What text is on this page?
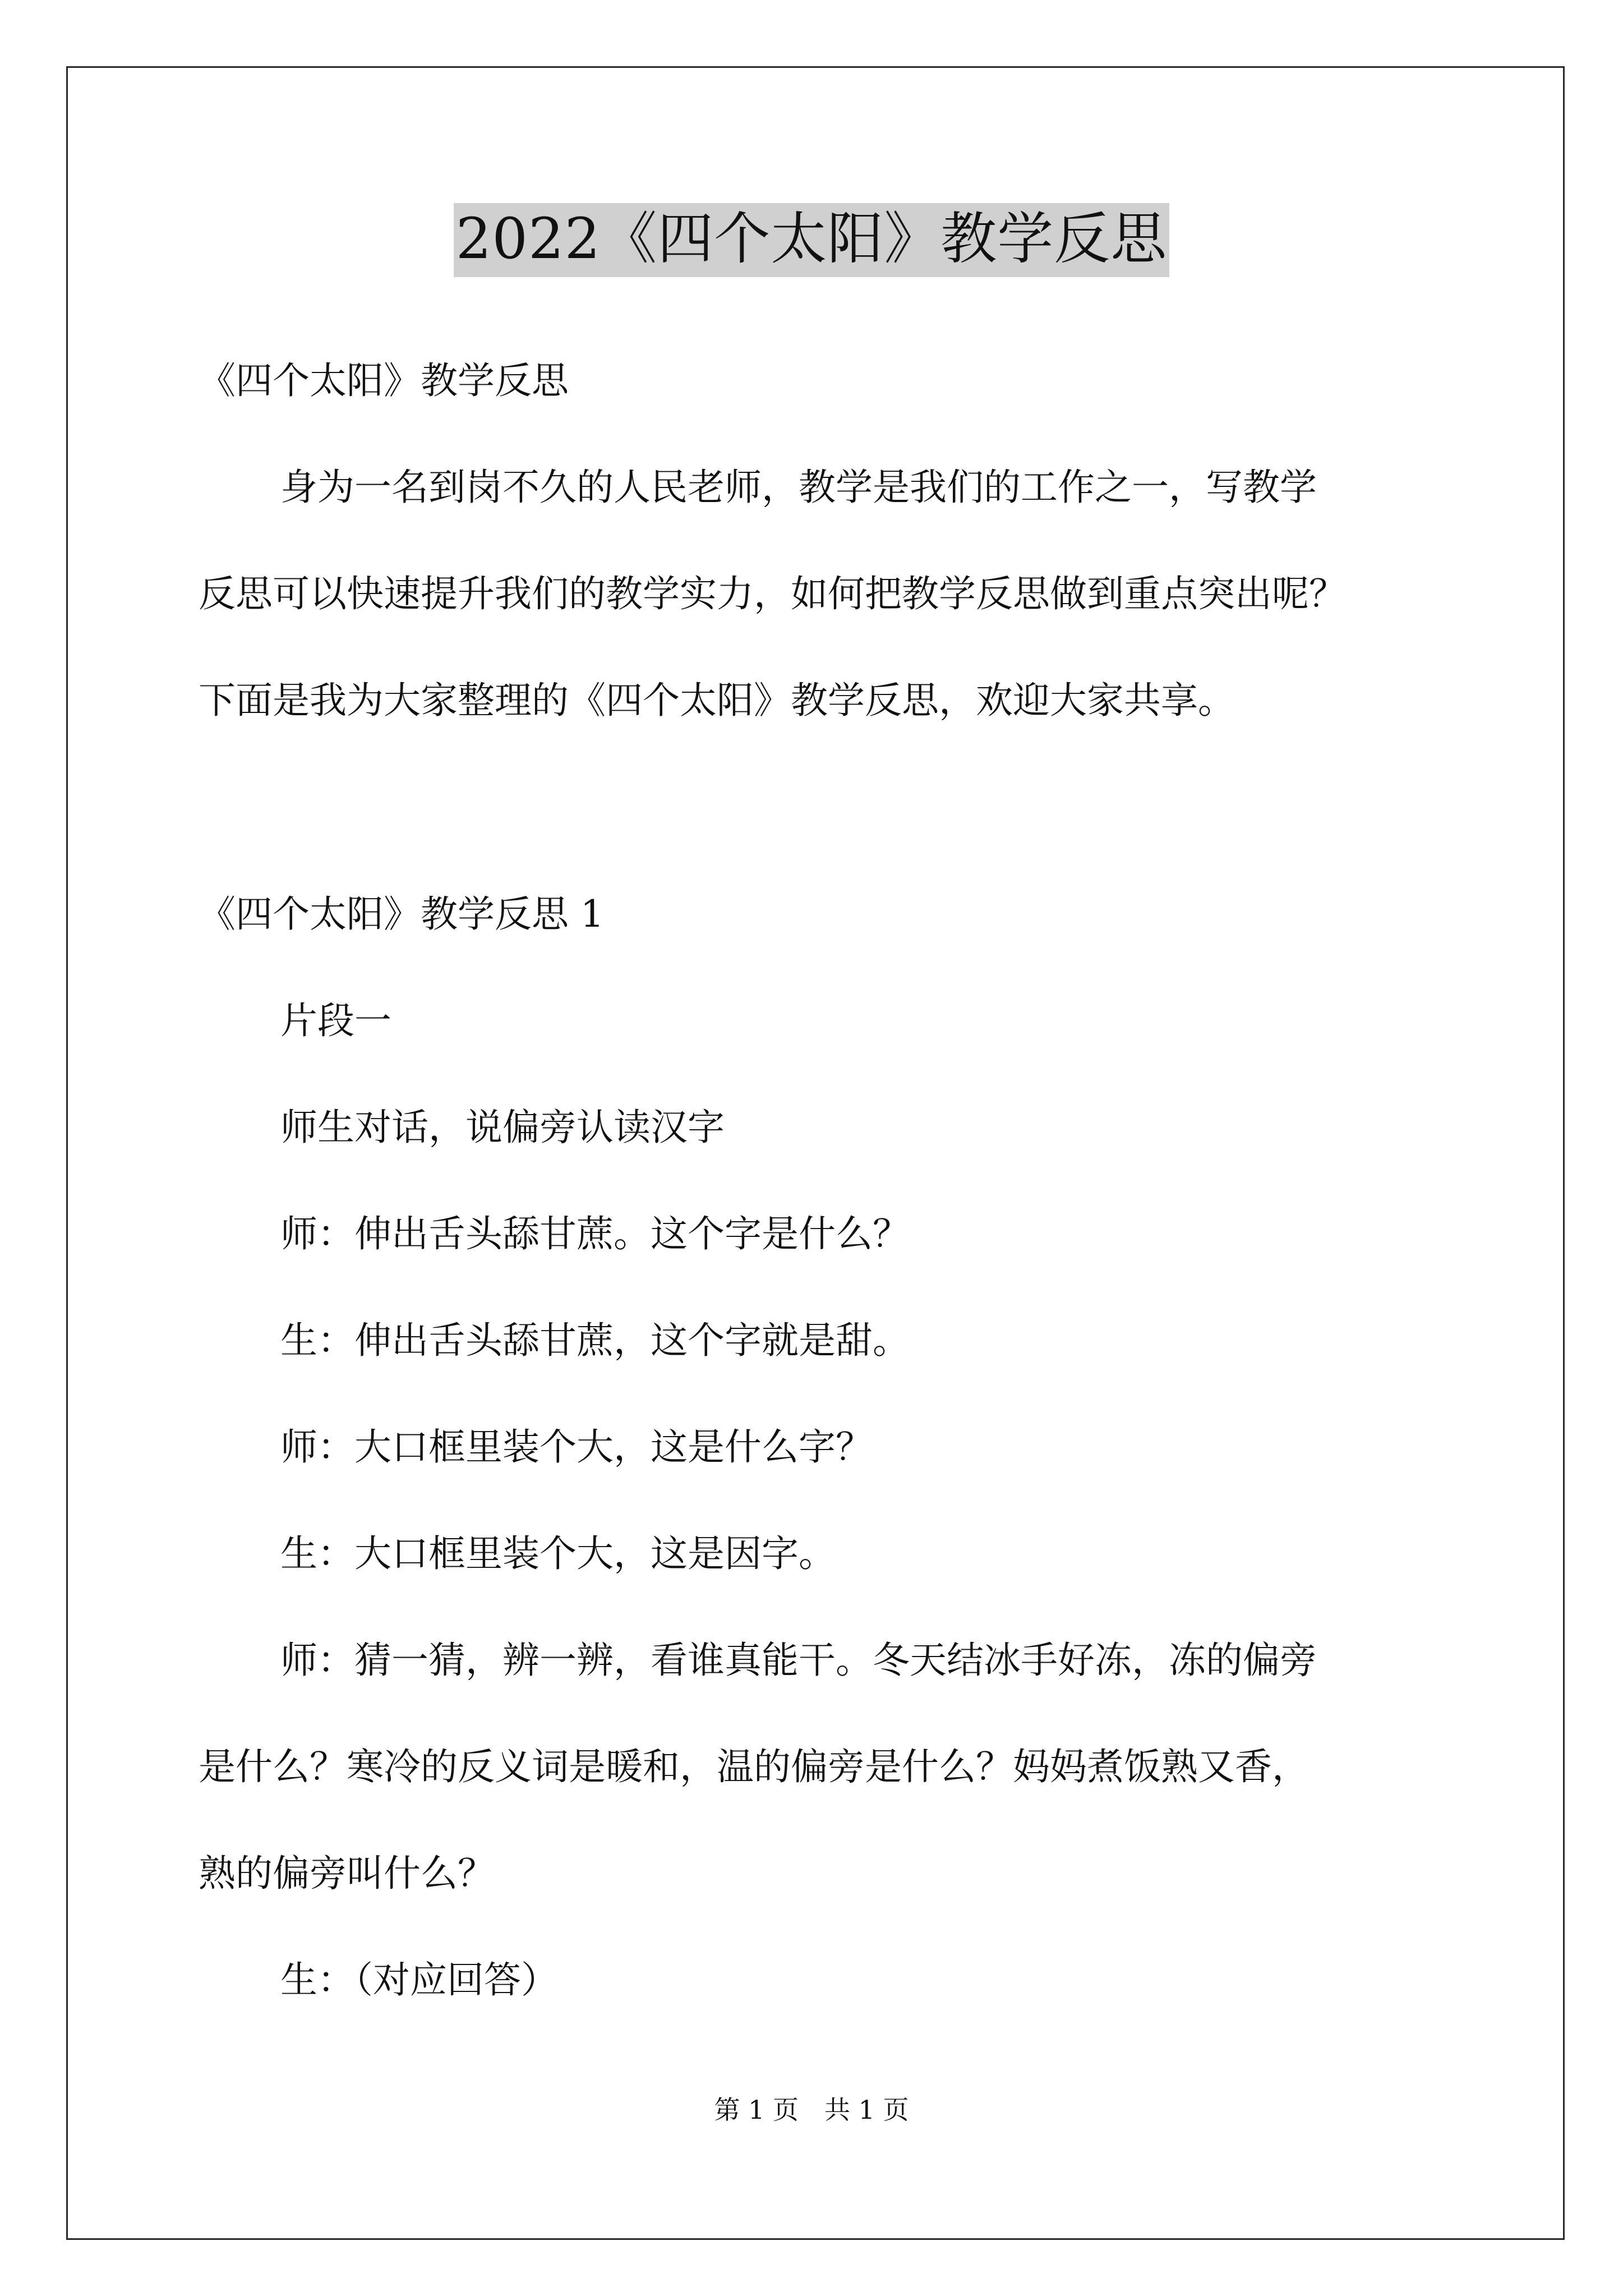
2022《四个太阳》教学反思
《四个太阳》教学反思
身为一名到岗不久的人民老师，教学是我们的工作之一，写教学
反思可以快速提升我们的教学实力，如何把教学反思做到重点突出呢？
下面是我为大家整理的《四个太阳》教学反思，欢迎大家共享。
《四个太阳》教学反思 1
片段一
师生对话，说偏旁认读汉字
师：伸出舌头舔甘蔗。这个字是什么？
生：伸出舌头舔甘蔗，这个字就是甜。
师：大口框里装个大，这是什么字？
生：大口框里装个大，这是因字。
师：猜一猜，辨一辨，看谁真能干。冬天结冰手好冻，冻的偏旁
是什么？寒冷的反义词是暖和，温的偏旁是什么？妈妈煮饭熟又香，
熟的偏旁叫什么？
生：（对应回答）
第 1 页　共 1 页
